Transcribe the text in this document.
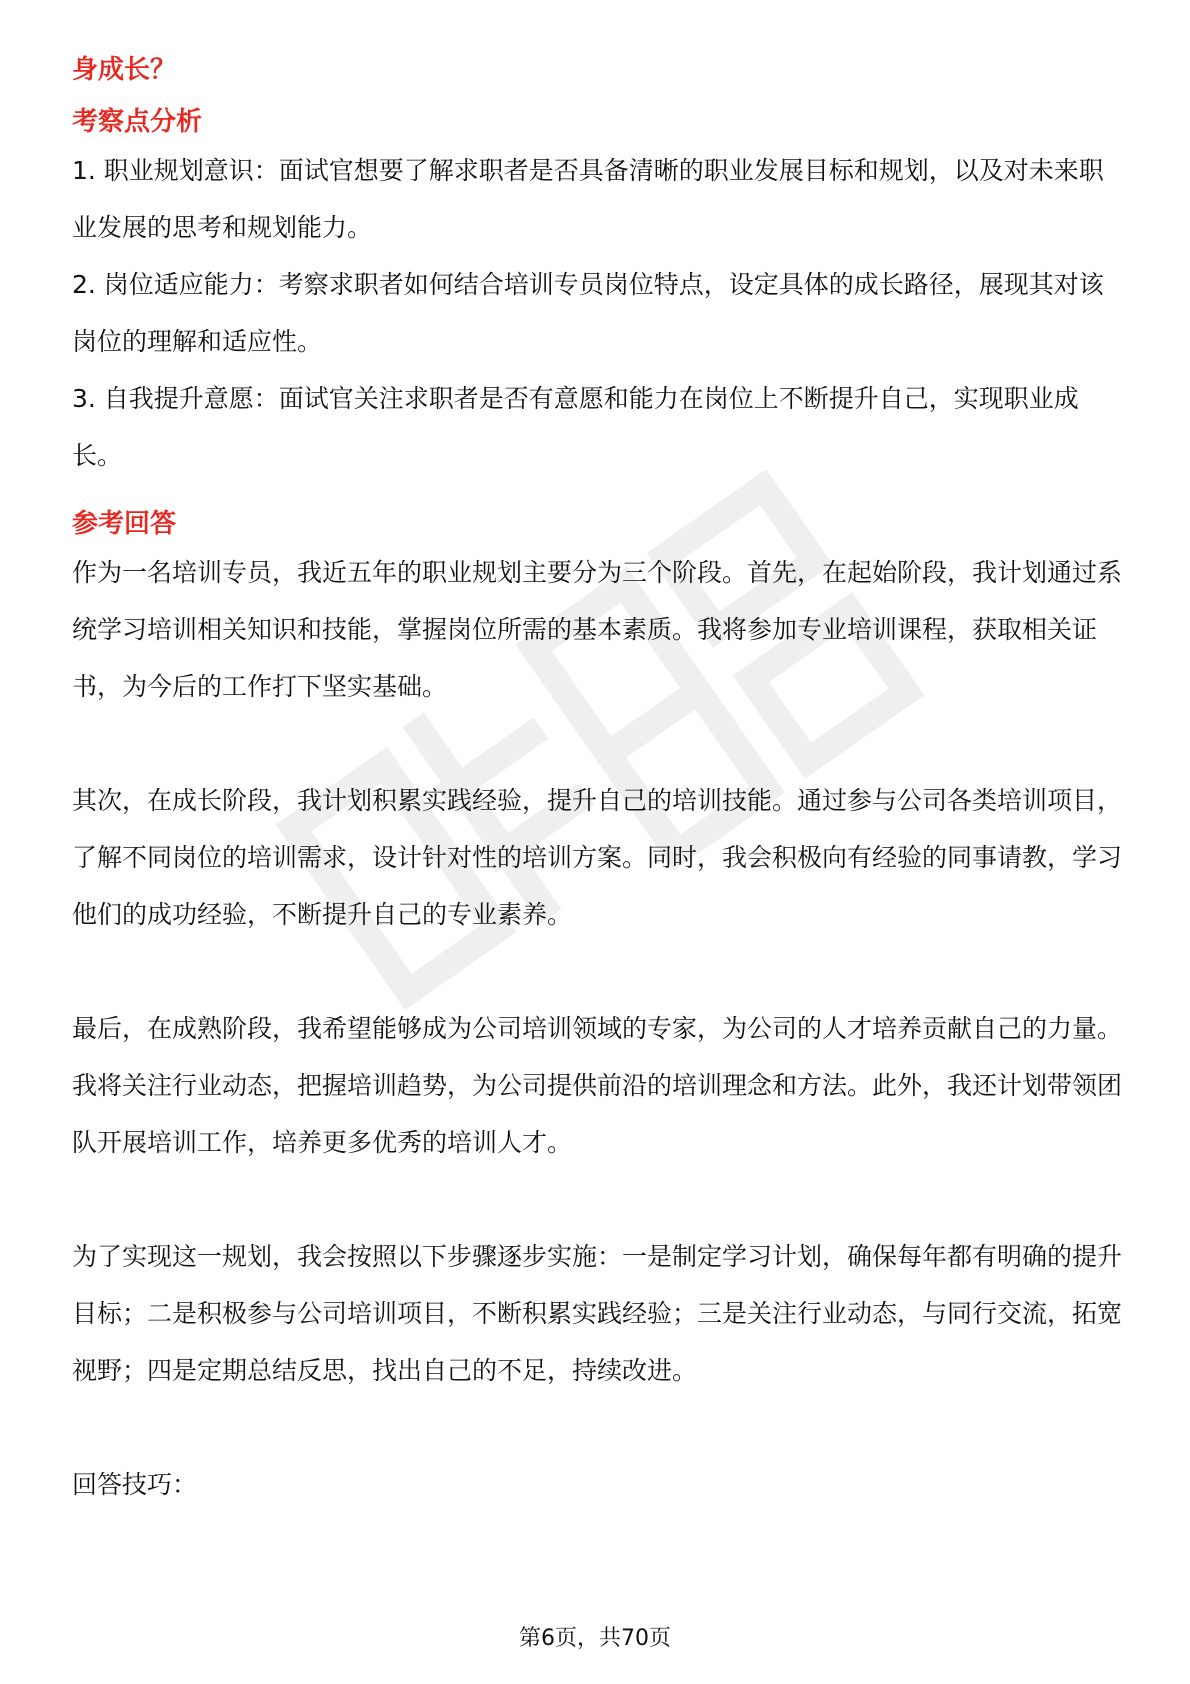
身成长？

考察点分析

1. 职业规划意识：面试官想要了解求职者是否具备清晰的职业发展目标和规划，以及对未来职业发展的思考和规划能力。

2. 岗位适应能力：考察求职者如何结合培训专员岗位特点，设定具体的成长路径，展现其对该岗位的理解和适应性。

3. 自我提升意愿：面试官关注求职者是否有意愿和能力在岗位上不断提升自己，实现职业成长。

参考回答

作为一名培训专员，我近五年的职业规划主要分为三个阶段。首先，在起始阶段，我计划通过系统学习培训相关知识和技能，掌握岗位所需的基本素质。我将参加专业培训课程，获取相关证书，为今后的工作打下坚实基础。

其次，在成长阶段，我计划积累实践经验，提升自己的培训技能。通过参与公司各类培训项目，了解不同岗位的培训需求，设计针对性的培训方案。同时，我会积极向有经验的同事请教，学习他们的成功经验，不断提升自己的专业素养。

最后，在成熟阶段，我希望能够成为公司培训领域的专家，为公司的人才培养贡献自己的力量。我将关注行业动态，把握培训趋势，为公司提供前沿的培训理念和方法。此外，我还计划带领团队开展培训工作，培养更多优秀的培训人才。

为了实现这一规划，我会按照以下步骤逐步实施：一是制定学习计划，确保每年都有明确的提升目标；二是积极参与公司培训项目，不断积累实践经验；三是关注行业动态，与同行交流，拓宽视野；四是定期总结反思，找出自己的不足，持续改进。

回答技巧：

第6页，共70页
